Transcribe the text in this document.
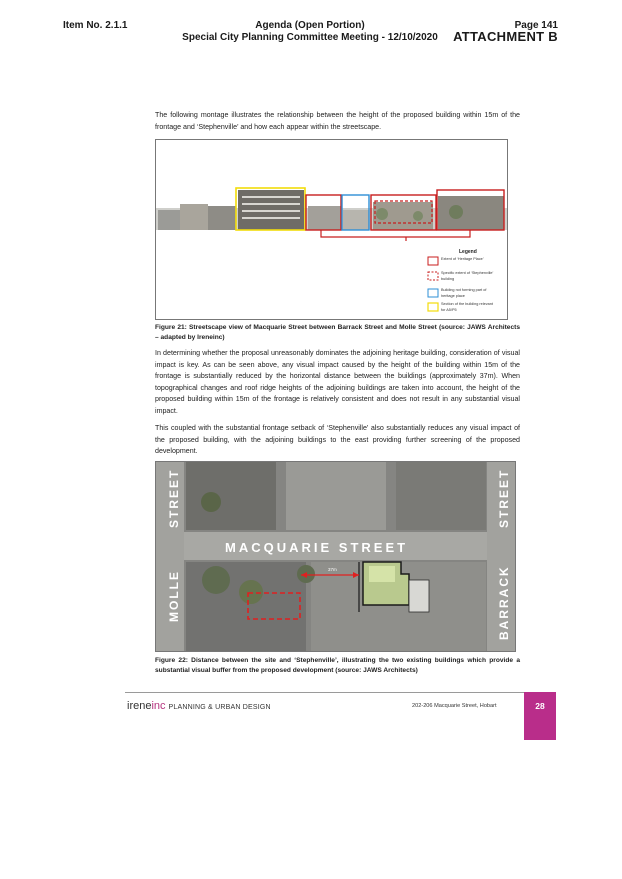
Item No. 2.1.1	Agenda (Open Portion)
Special City Planning Committee Meeting - 12/10/2020
Page 141
ATTACHMENT B
The following montage illustrates the relationship between the height of the proposed building within 15m of the frontage and ‘Stephenville’ and how each appear within the streetscape.
Legend
Extent of ‘Heritage Place’
Specific extent of ‘Stephenville’ building
Building not forming part of heritage place
Section of the building relevant for A5/P5
Figure 21: Streetscape view of Macquarie Street between Barrack Street and Molle Street (source: JAWS Architects – adapted by Ireneinc)
In determining whether the proposal unreasonably dominates the adjoining heritage building, consideration of visual impact is key. As can be seen above, any visual impact caused by the height of the building within 15m of the frontage is substantially reduced by the horizontal distance between the buildings (approximately 37m). When topographical changes and roof ridge heights of the adjoining buildings are taken into account, the height of the proposed building within 15m of the frontage is relatively consistent and does not result in any substantial visual impact.
This coupled with the substantial frontage setback of ‘Stephenville’ also substantially reduces any visual impact of the proposed building, with the adjoining buildings to the east providing further screening of the proposed development.
MACQUARIE STREET
37m
STREET
MOLLE
STREET
BARRACK
Figure 22: Distance between the site and ‘Stephenville’, illustrating the two existing buildings which provide a substantial visual buffer from the proposed development (source: JAWS Architects)
ireneinc PLANNING & URBAN DESIGN	202-206 Macquarie Street, Hobart	28
